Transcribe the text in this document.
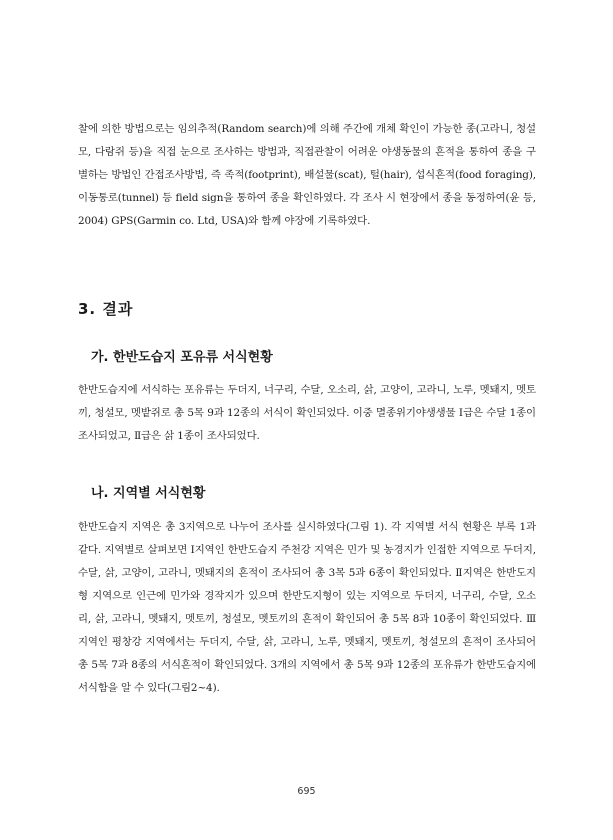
찰에 의한 방법으로는 임의추적(Random search)에 의해 주간에 개체 확인이 가능한 종(고라니, 청설모, 다람쥐 등)을 직접 눈으로 조사하는 방법과, 직접관찰이 어려운 야생동물의 흔적을 통하여 종을 구별하는 방법인 간접조사방법, 즉 족적(footprint), 배설물(scat), 털(hair), 섭식흔적(food foraging), 이동통로(tunnel) 등 field sign을 통하여 종을 확인하였다. 각 조사 시 현장에서 종을 동정하여(윤 등, 2004) GPS(Garmin co. Ltd, USA)와 함께 야장에 기록하였다.

3. 결과
가. 한반도습지 포유류 서식현황

한반도습지에 서식하는 포유류는 두더지, 너구리, 수달, 오소리, 삵, 고양이, 고라니, 노루, 멧돼지, 멧토끼, 청설모, 멧밭쥐로 총 5목 9과 12종의 서식이 확인되었다. 이중 멸종위기야생생물 Ⅰ급은 수달 1종이 조사되었고, Ⅱ급은 삵 1종이 조사되었다.

나. 지역별 서식현황

한반도습지 지역은 총 3지역으로 나누어 조사를 실시하였다(그림 1). 각 지역별 서식 현황은 부록 1과 같다. 지역별로 살펴보면 Ⅰ지역인 한반도습지 주천강 지역은 민가 및 농경지가 인접한 지역으로 두더지, 수달, 삵, 고양이, 고라니, 멧돼지의 흔적이 조사되어 총 3목 5과 6종이 확인되었다. Ⅱ지역은 한반도지형 지역으로 인근에 민가와 경작지가 있으며 한반도지형이 있는 지역으로 두더지, 너구리, 수달, 오소리, 삵, 고라니, 멧돼지, 멧토끼, 청설모, 멧토끼의 흔적이 확인되어 총 5목 8과 10종이 확인되었다. Ⅲ지역인 평창강 지역에서는 두더지, 수달, 삵, 고라니, 노루, 멧돼지, 멧토끼, 청설모의 흔적이 조사되어 총 5목 7과 8종의 서식흔적이 확인되었다. 3개의 지역에서 총 5목 9과 12종의 포유류가 한반도습지에 서식함을 알 수 있다(그림2~4).

695
